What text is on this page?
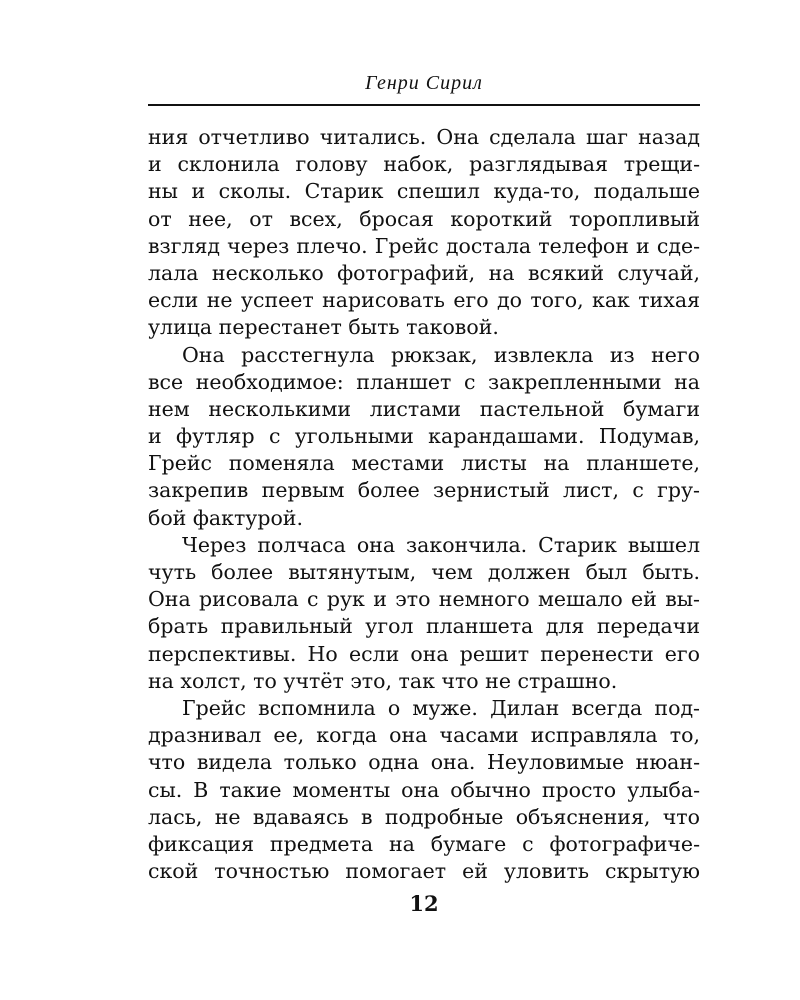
Генри Сирил
ния отчетливо читались. Она сделала шаг назад
и склонила голову набок, разглядывая трещи-
ны и сколы. Старик спешил куда-то, подальше
от нее, от всех, бросая короткий торопливый
взгляд через плечо. Грейс достала телефон и сде-
лала несколько фотографий, на всякий случай,
если не успеет нарисовать его до того, как тихая
улица перестанет быть таковой.
Она расстегнула рюкзак, извлекла из него
все необходимое: планшет с закрепленными на
нем несколькими листами пастельной бумаги
и футляр с угольными карандашами. Подумав,
Грейс поменяла местами листы на планшете,
закрепив первым более зернистый лист, с гру-
бой фактурой.
Через полчаса она закончила. Старик вышел
чуть более вытянутым, чем должен был быть.
Она рисовала с рук и это немного мешало ей вы-
брать правильный угол планшета для передачи
перспективы. Но если она решит перенести его
на холст, то учтёт это, так что не страшно.
Грейс вспомнила о муже. Дилан всегда под-
дразнивал ее, когда она часами исправляла то,
что видела только одна она. Неуловимые нюан-
сы. В такие моменты она обычно просто улыба-
лась, не вдаваясь в подробные объяснения, что
фиксация предмета на бумаге с фотографиче-
ской точностью помогает ей уловить скрытую
12
